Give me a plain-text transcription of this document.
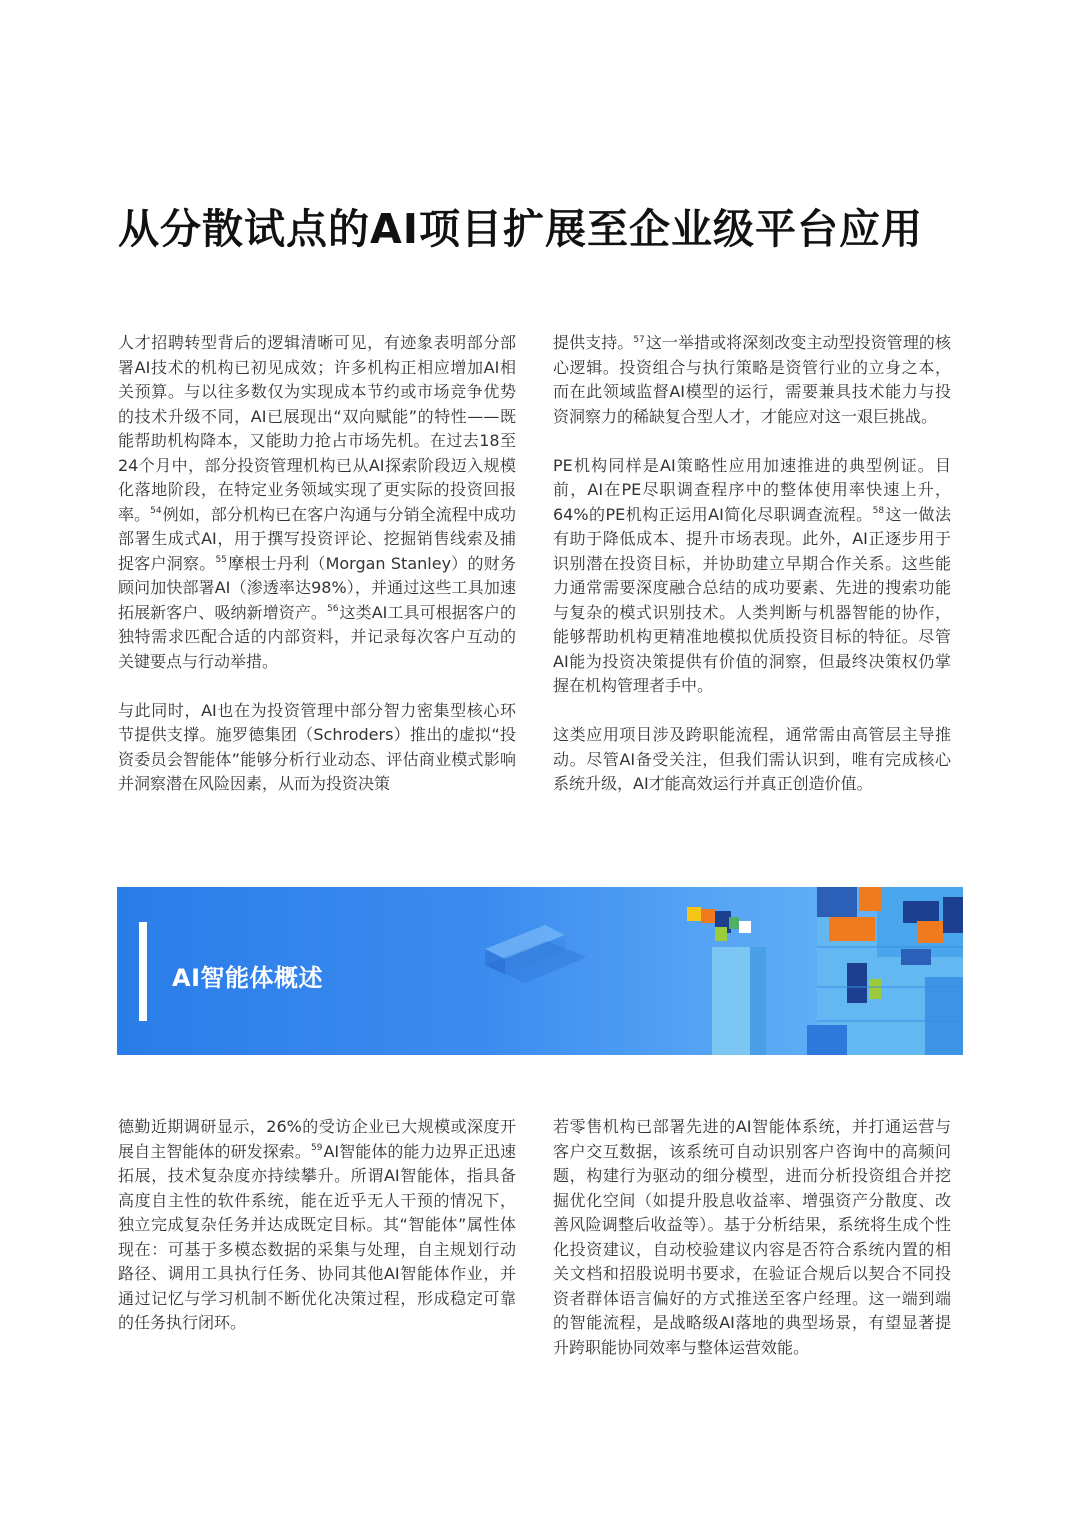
从分散试点的AI项目扩展至企业级平台应用

人才招聘转型背后的逻辑清晰可见，有迹象表明部分部署AI技术的机构已初见成效；许多机构正相应增加AI相关预算。与以往多数仅为实现成本节约或市场竞争优势的技术升级不同，AI已展现出“双向赋能”的特性——既能帮助机构降本，又能助力抢占市场先机。在过去18至24个月中，部分投资管理机构已从AI探索阶段迈入规模化落地阶段，在特定业务领域实现了更实际的投资回报率。$^{54}$例如，部分机构已在客户沟通与分销全流程中成功部署生成式AI，用于撰写投资评论、挖掘销售线索及捕捉客户洞察。$^{55}$摩根士丹利（Morgan Stanley）的财务顾问加快部署AI（渗透率达98%），并通过这些工具加速拓展新客户、吸纳新增资产。$^{56}$这类AI工具可根据客户的独特需求匹配合适的内部资料，并记录每次客户互动的关键要点与行动举措。

与此同时，AI也在为投资管理中部分智力密集型核心环节提供支撑。施罗德集团（Schroders）推出的虚拟“投资委员会智能体”能够分析行业动态、评估商业模式影响并洞察潜在风险因素，从而为投资决策

提供支持。$^{57}$这一举措或将深刻改变主动型投资管理的核心逻辑。投资组合与执行策略是资管行业的立身之本，而在此领域监督AI模型的运行，需要兼具技术能力与投资洞察力的稀缺复合型人才，才能应对这一艰巨挑战。

PE机构同样是AI策略性应用加速推进的典型例证。目前，AI在PE尽职调查程序中的整体使用率快速上升，64%的PE机构正运用AI简化尽职调查流程。$^{58}$这一做法有助于降低成本、提升市场表现。此外，AI正逐步用于识别潜在投资目标，并协助建立早期合作关系。这些能力通常需要深度融合总结的成功要素、先进的搜索功能与复杂的模式识别技术。人类判断与机器智能的协作，能够帮助机构更精准地模拟优质投资目标的特征。尽管AI能为投资决策提供有价值的洞察，但最终决策权仍掌握在机构管理者手中。

这类应用项目涉及跨职能流程，通常需由高管层主导推动。尽管AI备受关注，但我们需认识到，唯有完成核心系统升级，AI才能高效运行并真正创造价值。

AI智能体概述

德勤近期调研显示，26%的受访企业已大规模或深度开展自主智能体的研发探索。$^{59}$AI智能体的能力边界正迅速拓展，技术复杂度亦持续攀升。所谓AI智能体，指具备高度自主性的软件系统，能在近乎无人干预的情况下，独立完成复杂任务并达成既定目标。其“智能体”属性体现在：可基于多模态数据的采集与处理，自主规划行动路径、调用工具执行任务、协同其他AI智能体作业，并通过记忆与学习机制不断优化决策过程，形成稳定可靠的任务执行闭环。

若零售机构已部署先进的AI智能体系统，并打通运营与客户交互数据，该系统可自动识别客户咨询中的高频问题，构建行为驱动的细分模型，进而分析投资组合并挖掘优化空间（如提升股息收益率、增强资产分散度、改善风险调整后收益等）。基于分析结果，系统将生成个性化投资建议，自动校验建议内容是否符合系统内置的相关文档和招股说明书要求，在验证合规后以契合不同投资者群体语言偏好的方式推送至客户经理。这一端到端的智能流程，是战略级AI落地的典型场景，有望显著提升跨职能协同效率与整体运营效能。
